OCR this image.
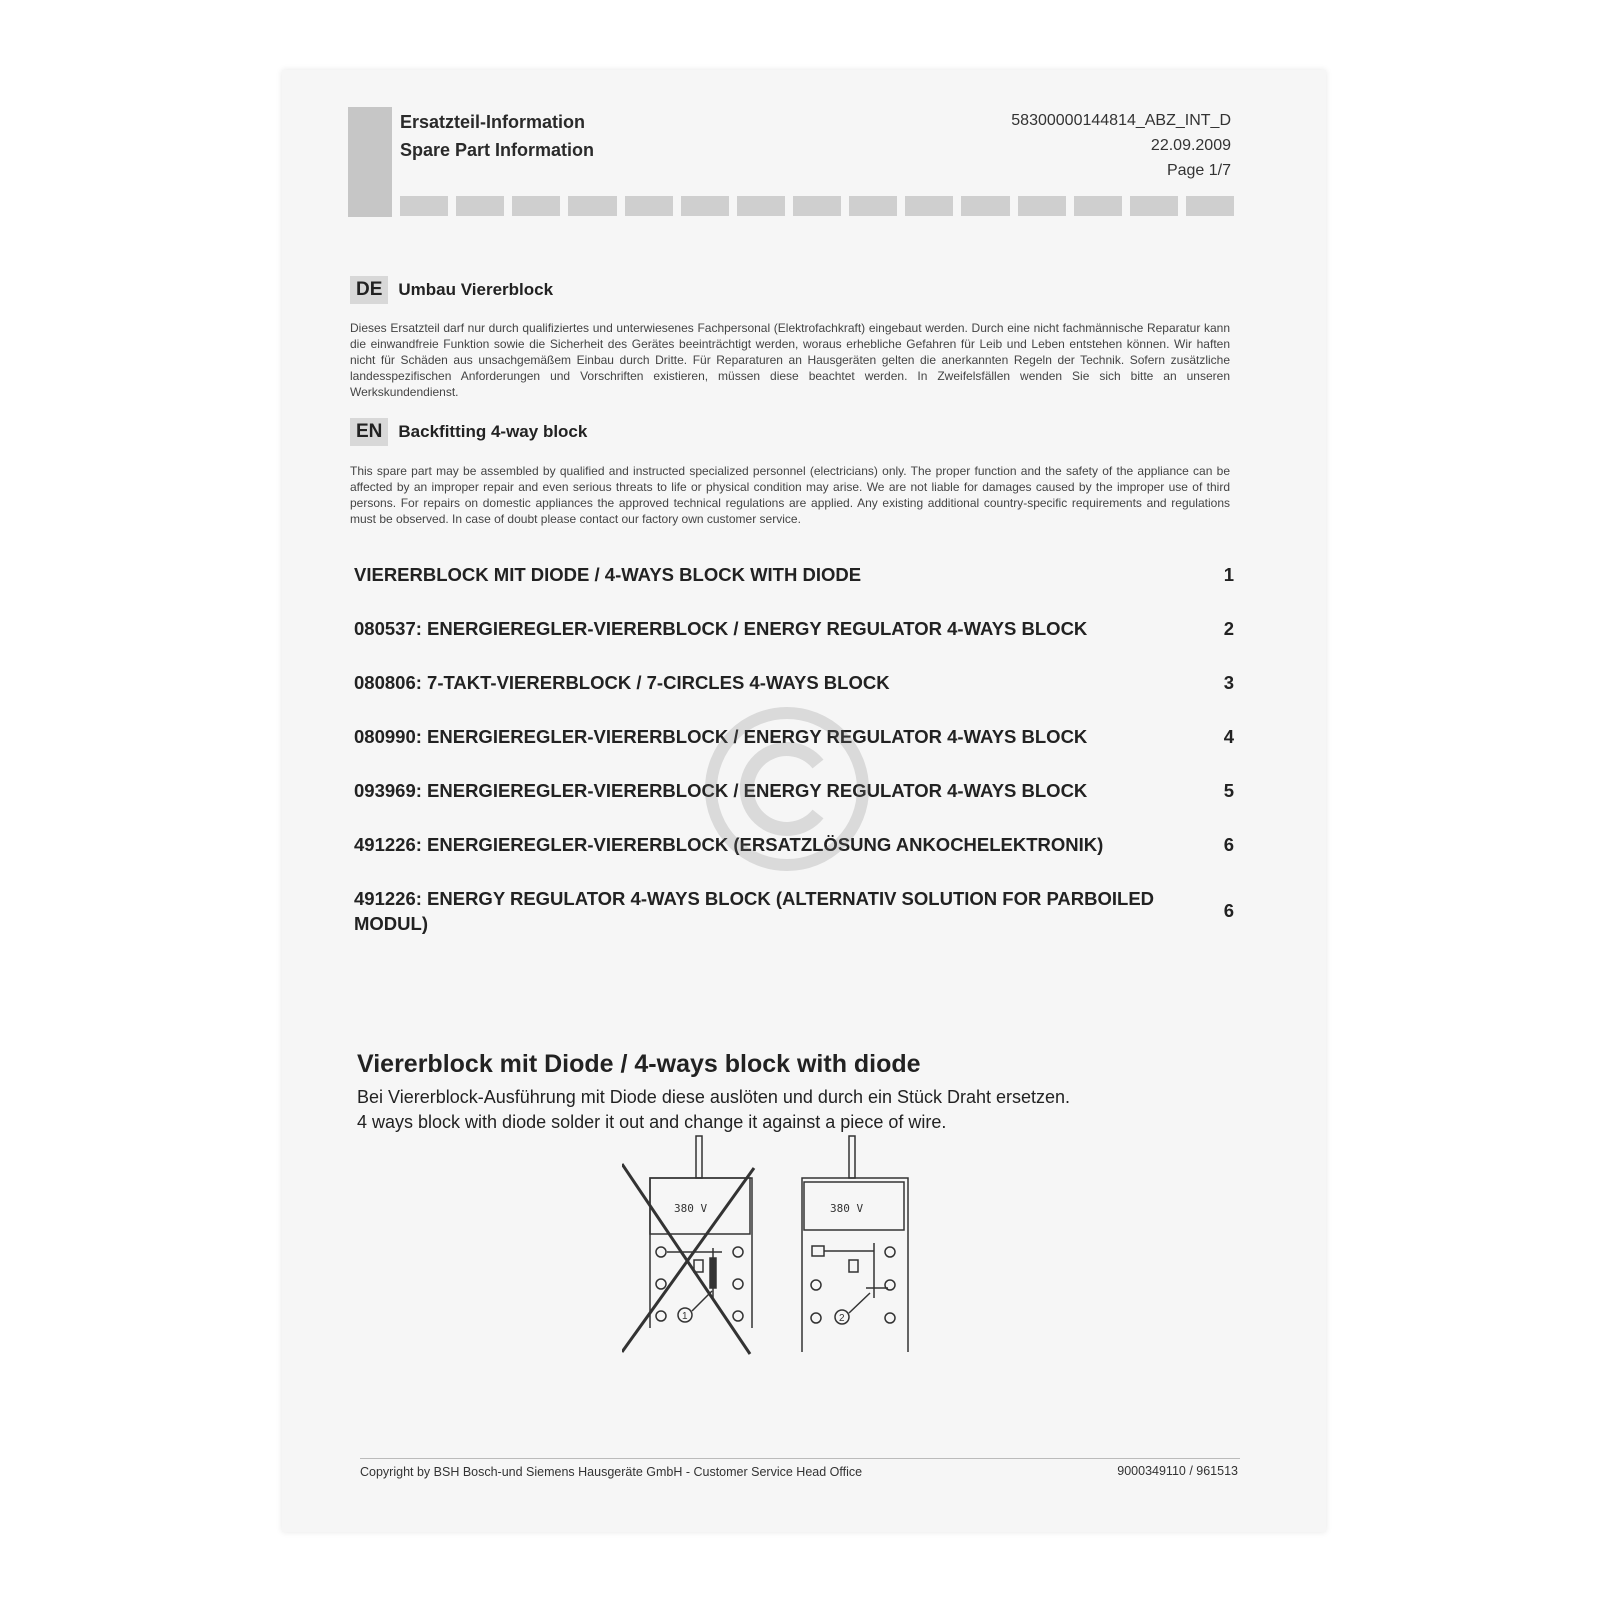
Ersatzteil-Information
Spare Part Information
58300000144814_ABZ_INT_D
22.09.2009
Page 1/7
DE Umbau Viererblock
Dieses Ersatzteil darf nur durch qualifiziertes und unterwiesenes Fachpersonal (Elektrofachkraft) eingebaut werden. Durch eine nicht fachmännische Reparatur kann die einwandfreie Funktion sowie die Sicherheit des Gerätes beeinträchtigt werden, woraus erhebliche Gefahren für Leib und Leben entstehen können. Wir haften nicht für Schäden aus unsachgemäßem Einbau durch Dritte. Für Reparaturen an Hausgeräten gelten die anerkannten Regeln der Technik. Sofern zusätzliche landesspezifischen Anforderungen und Vorschriften existieren, müssen diese beachtet werden. In Zweifelsfällen wenden Sie sich bitte an unseren Werkskundendienst.
EN Backfitting 4-way block
This spare part may be assembled by qualified and instructed specialized personnel (electricians) only. The proper function and the safety of the appliance can be affected by an improper repair and even serious threats to life or physical condition may arise. We are not liable for damages caused by the improper use of third persons. For repairs on domestic appliances the approved technical regulations are applied. Any existing additional country-specific requirements and regulations must be observed. In case of doubt please contact our factory own customer service.
VIERERBLOCK MIT DIODE / 4-WAYS BLOCK WITH DIODE	1
080537: ENERGIEREGLER-VIERERBLOCK / ENERGY REGULATOR 4-WAYS BLOCK	2
080806: 7-TAKT-VIERERBLOCK / 7-CIRCLES 4-WAYS BLOCK	3
080990: ENERGIEREGLER-VIERERBLOCK / ENERGY REGULATOR 4-WAYS BLOCK	4
093969: ENERGIEREGLER-VIERERBLOCK / ENERGY REGULATOR 4-WAYS BLOCK	5
491226: ENERGIEREGLER-VIERERBLOCK (ERSATZLÖSUNG ANKOCHELEKTRONIK)	6
491226: ENERGY REGULATOR 4-WAYS BLOCK (ALTERNATIV SOLUTION FOR PARBOILED MODUL)
6
Viererblock mit Diode / 4-ways block with diode
Bei Viererblock-Ausführung mit Diode diese auslöten und durch ein Stück Draht ersetzen.
4 ways block with diode solder it out and change it against a piece of wire.
380 V
1
380 V
2
Copyright by BSH Bosch-und Siemens Hausgeräte GmbH - Customer Service Head Office	9000349110 / 961513
